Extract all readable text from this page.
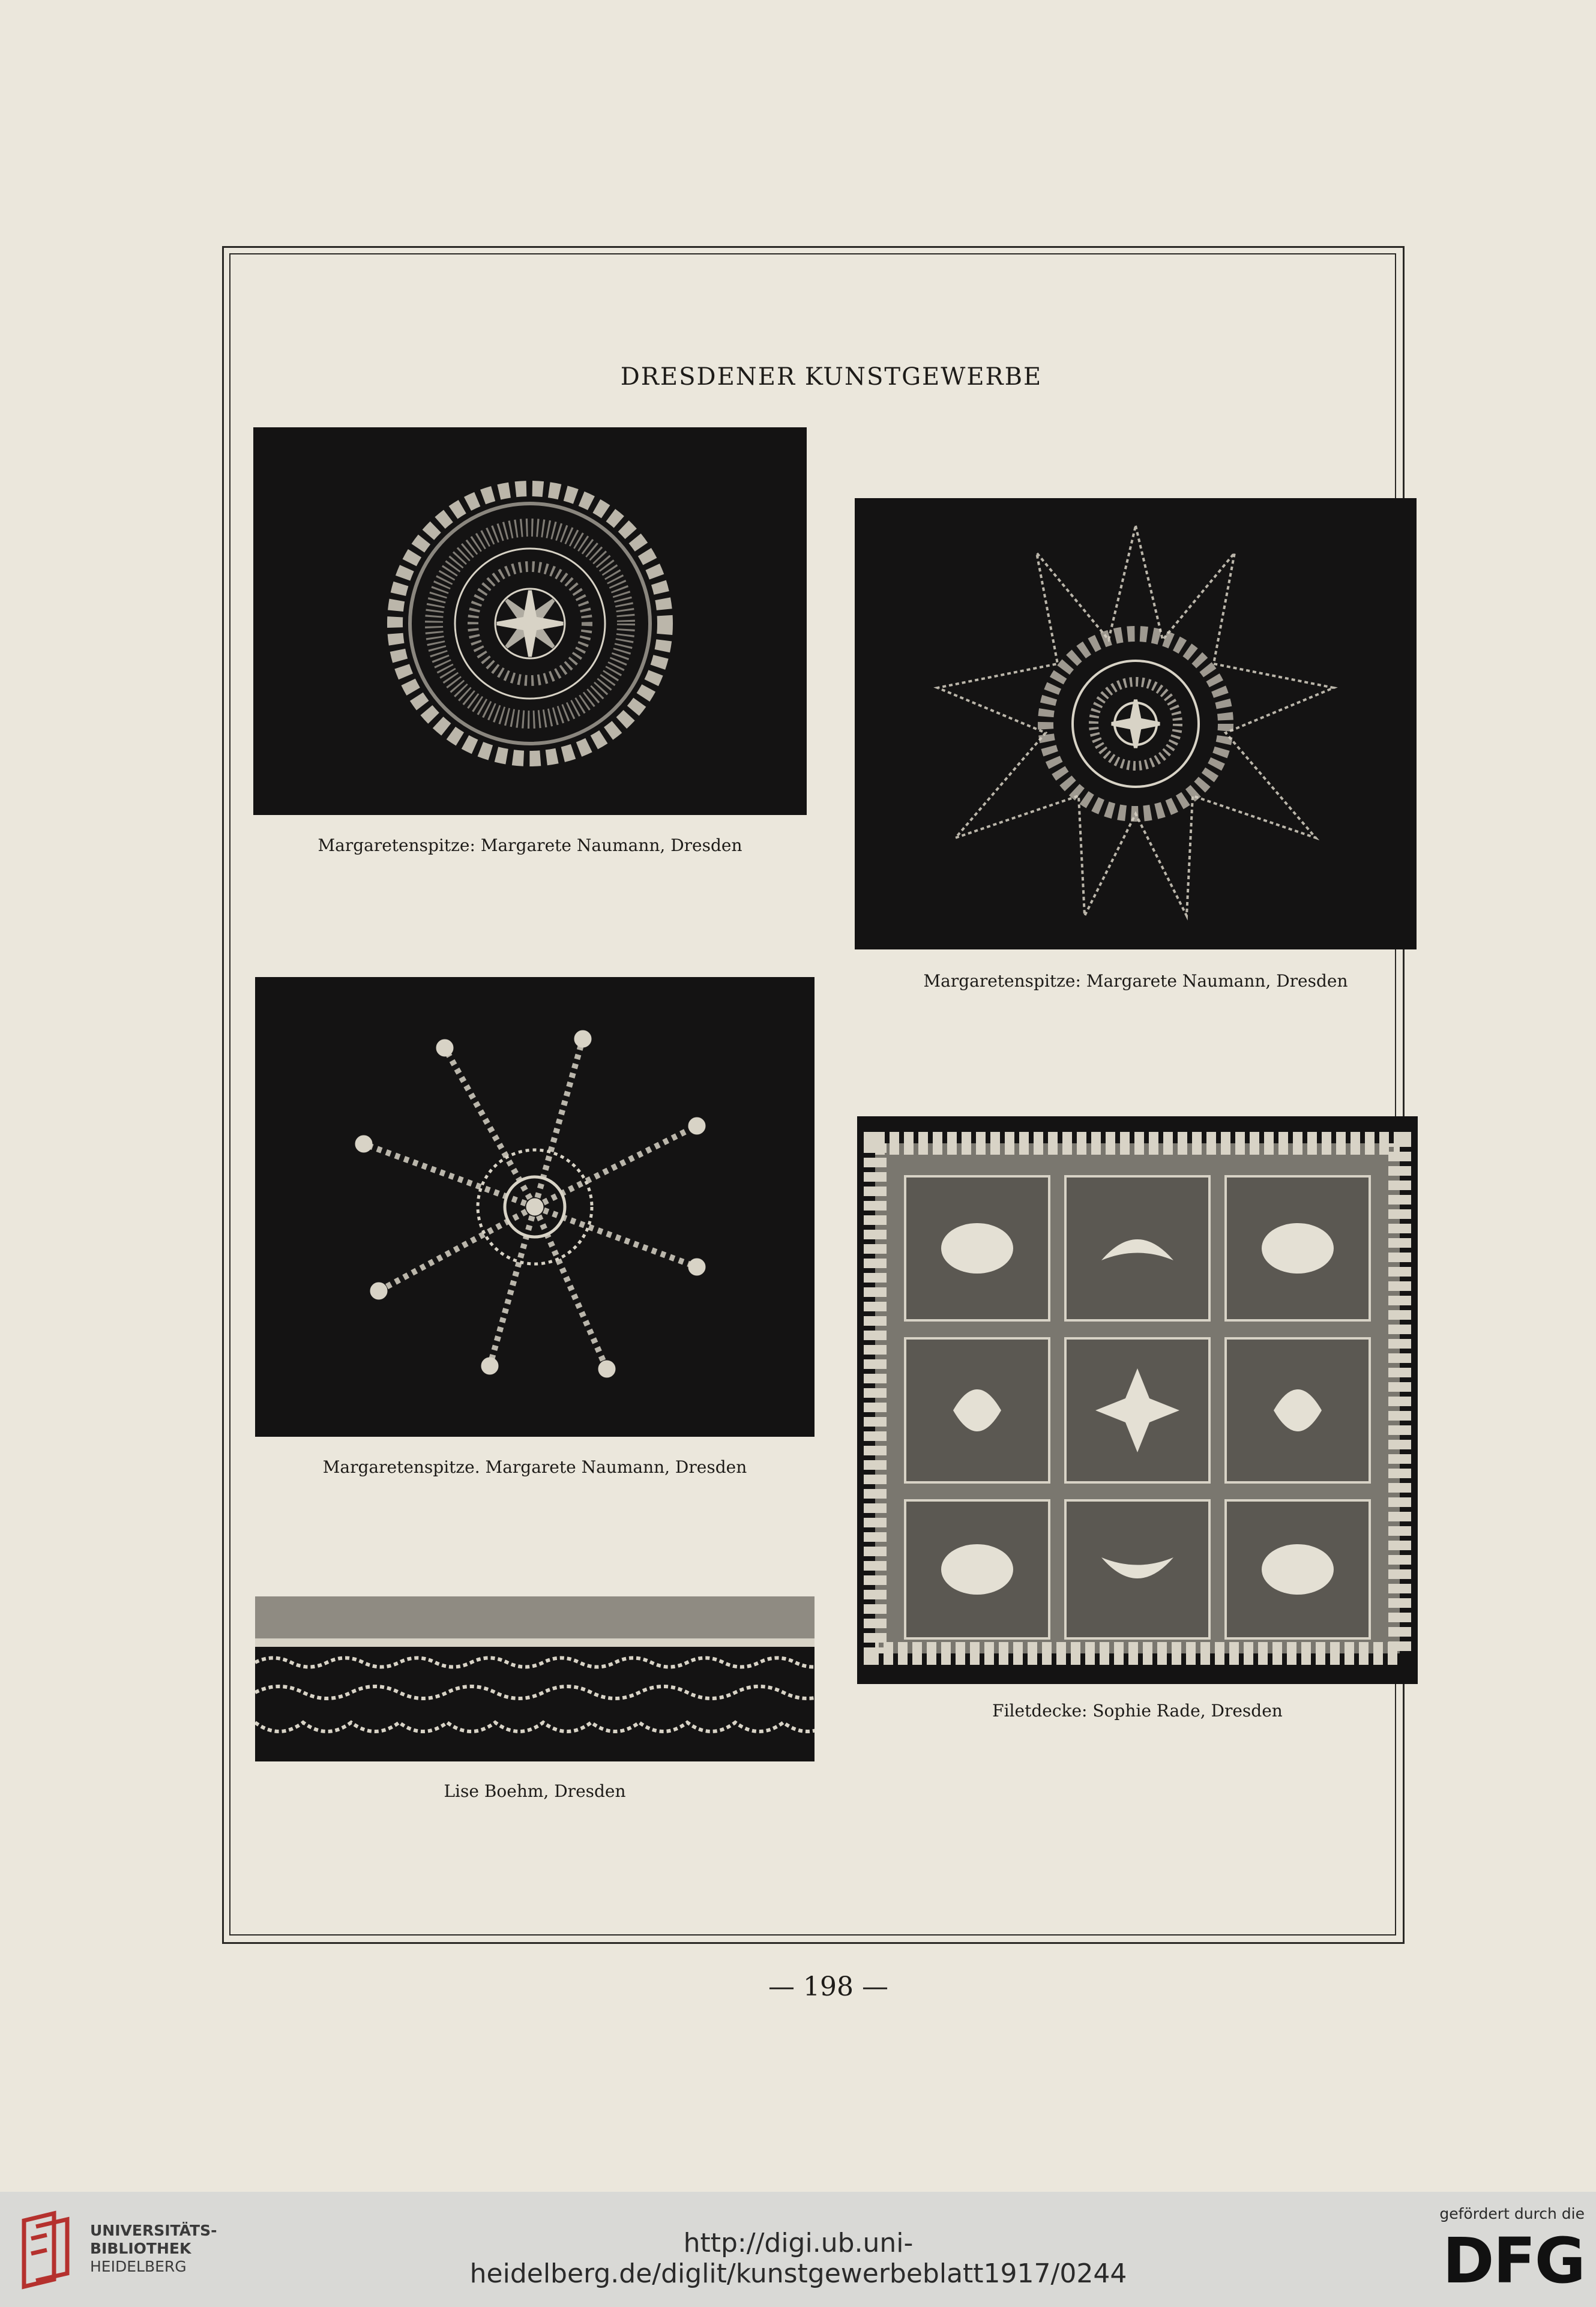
DRESDENER KUNSTGEWERBE
Margaretenspitze: Margarete Naumann, Dresden
Margaretenspitze: Margarete Naumann, Dresden
Margaretenspitze. Margarete Naumann, Dresden
Filetdecke: Sophie Rade, Dresden
Lise Boehm, Dresden
— 198 —
UNIVERSITÄTS-
BIBLIOTHEK
HEIDELBERG
http://digi.ub.uni-heidelberg.de/diglit/kunstgewerbeblatt1917/0244
gefördert durch die
DFG
